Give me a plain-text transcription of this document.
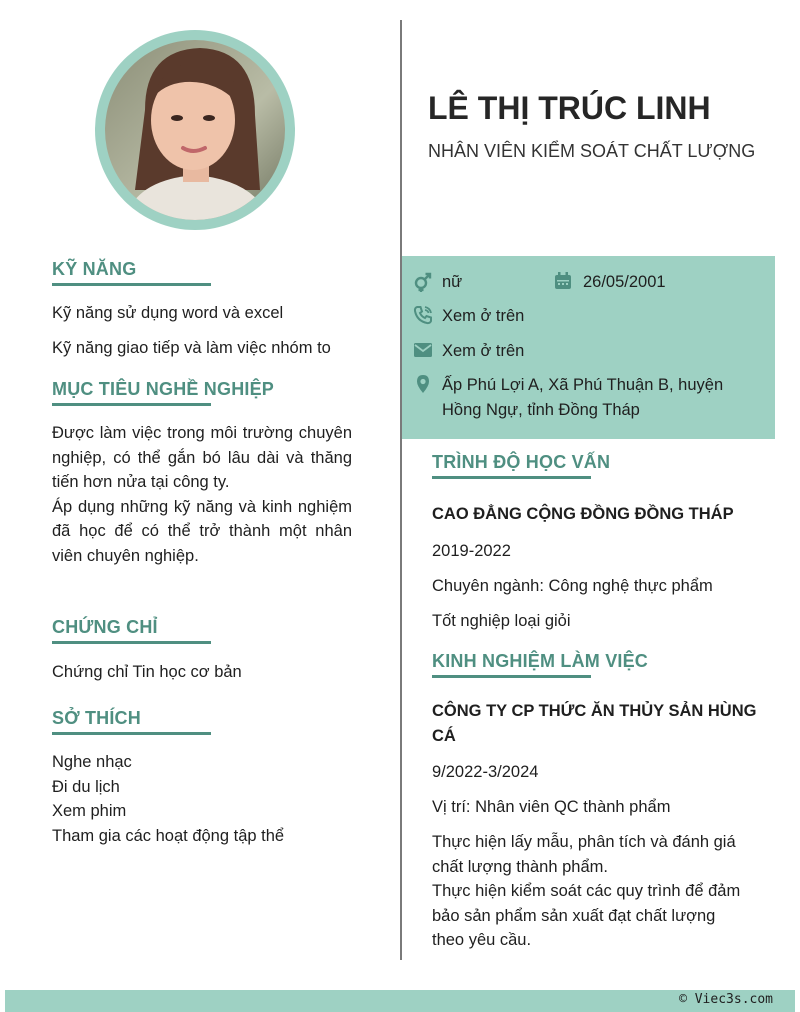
KỸ NĂNG
Kỹ năng sử dụng word và excel
Kỹ năng giao tiếp và làm việc nhóm to
MỤC TIÊU NGHỀ NGHIỆP
Được làm việc trong môi trường chuyên nghiệp, có thể gắn bó lâu dài và thăng tiến hơn nửa tại công ty.
Áp dụng những kỹ năng và kinh nghiệm đã học để có thể trở thành một nhân viên chuyên nghiệp.
CHỨNG CHỈ
Chứng chỉ Tin học cơ bản
SỞ THÍCH
Nghe nhạc
Đi du lịch
Xem phim
Tham gia các hoạt động tập thể
LÊ THỊ TRÚC LINH
NHÂN VIÊN KIỂM SOÁT CHẤT LƯỢNG
nữ	26/05/2001
Xem ở trên
Xem ở trên
Ấp Phú Lợi A, Xã Phú Thuận B, huyện
Hồng Ngự, tỉnh Đồng Tháp
TRÌNH ĐỘ HỌC VẤN
CAO ĐẲNG CỘNG ĐỒNG ĐỒNG THÁP
2019-2022
Chuyên ngành: Công nghệ thực phẩm
Tốt nghiệp loại giỏi
KINH NGHIỆM LÀM VIỆC
CÔNG TY CP THỨC ĂN THỦY SẢN HÙNG
CÁ
9/2022-3/2024
Vị trí: Nhân viên QC thành phẩm
Thực hiện lấy mẫu, phân tích và đánh giá
chất lượng thành phẩm.
Thực hiện kiểm soát các quy trình để đảm
bảo sản phẩm sản xuất đạt chất lượng
theo yêu cầu.
© Viec3s.com
